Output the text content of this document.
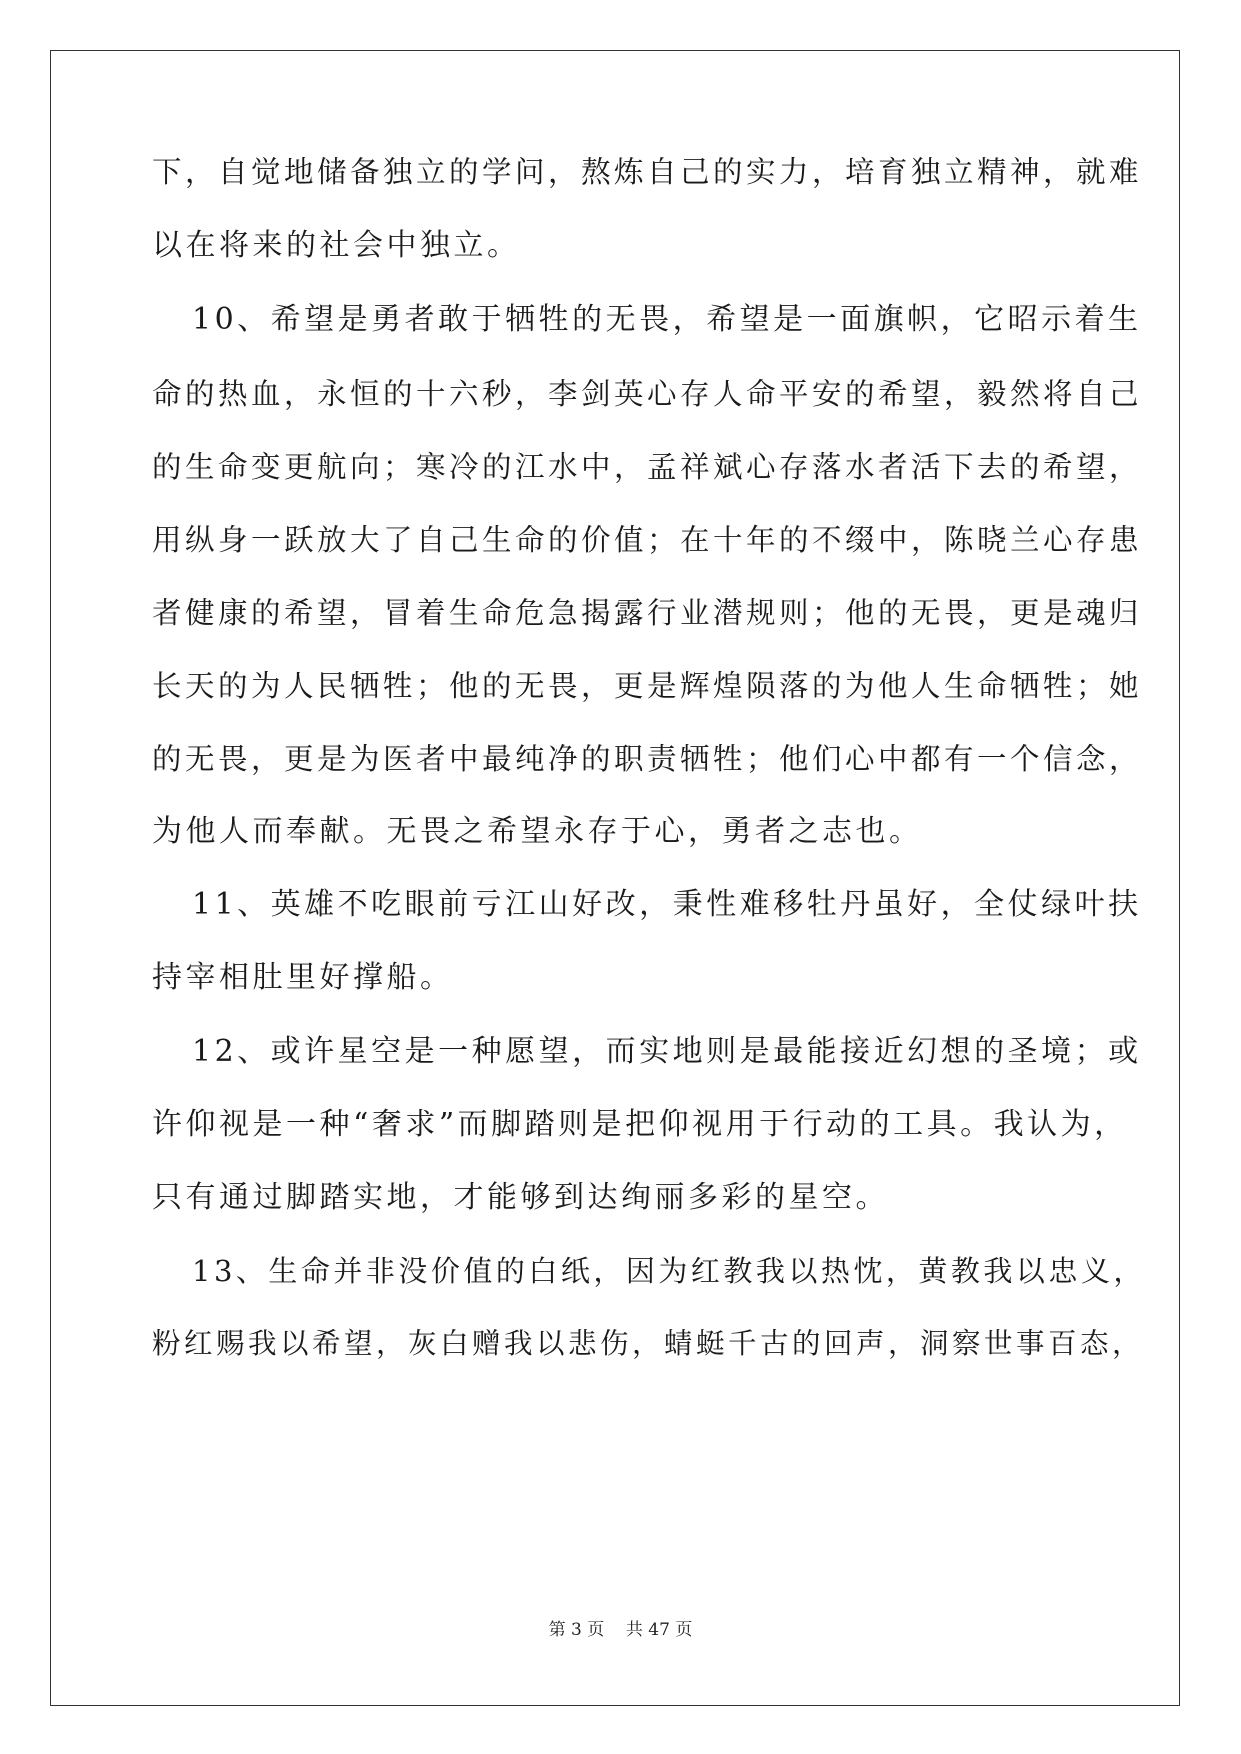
下，自觉地储备独立的学问，熬炼自己的实力，培育独立精神，就难
以在将来的社会中独立。
10、希望是勇者敢于牺牲的无畏，希望是一面旗帜，它昭示着生
命的热血，永恒的十六秒，李剑英心存人命平安的希望，毅然将自己
的生命变更航向；寒冷的江水中，孟祥斌心存落水者活下去的希望，
用纵身一跃放大了自己生命的价值；在十年的不缀中，陈晓兰心存患
者健康的希望，冒着生命危急揭露行业潜规则；他的无畏，更是魂归
长天的为人民牺牲；他的无畏，更是辉煌陨落的为他人生命牺牲；她
的无畏，更是为医者中最纯净的职责牺牲；他们心中都有一个信念，
为他人而奉献。无畏之希望永存于心，勇者之志也。
11、英雄不吃眼前亏江山好改，秉性难移牡丹虽好，全仗绿叶扶
持宰相肚里好撑船。
12、或许星空是一种愿望，而实地则是最能接近幻想的圣境；或
许仰视是一种“奢求”而脚踏则是把仰视用于行动的工具。我认为，
只有通过脚踏实地，才能够到达绚丽多彩的星空。
13、生命并非没价值的白纸，因为红教我以热忱，黄教我以忠义，
粉红赐我以希望，灰白赠我以悲伤，蜻蜓千古的回声，洞察世事百态，
第 3 页    共 47 页
